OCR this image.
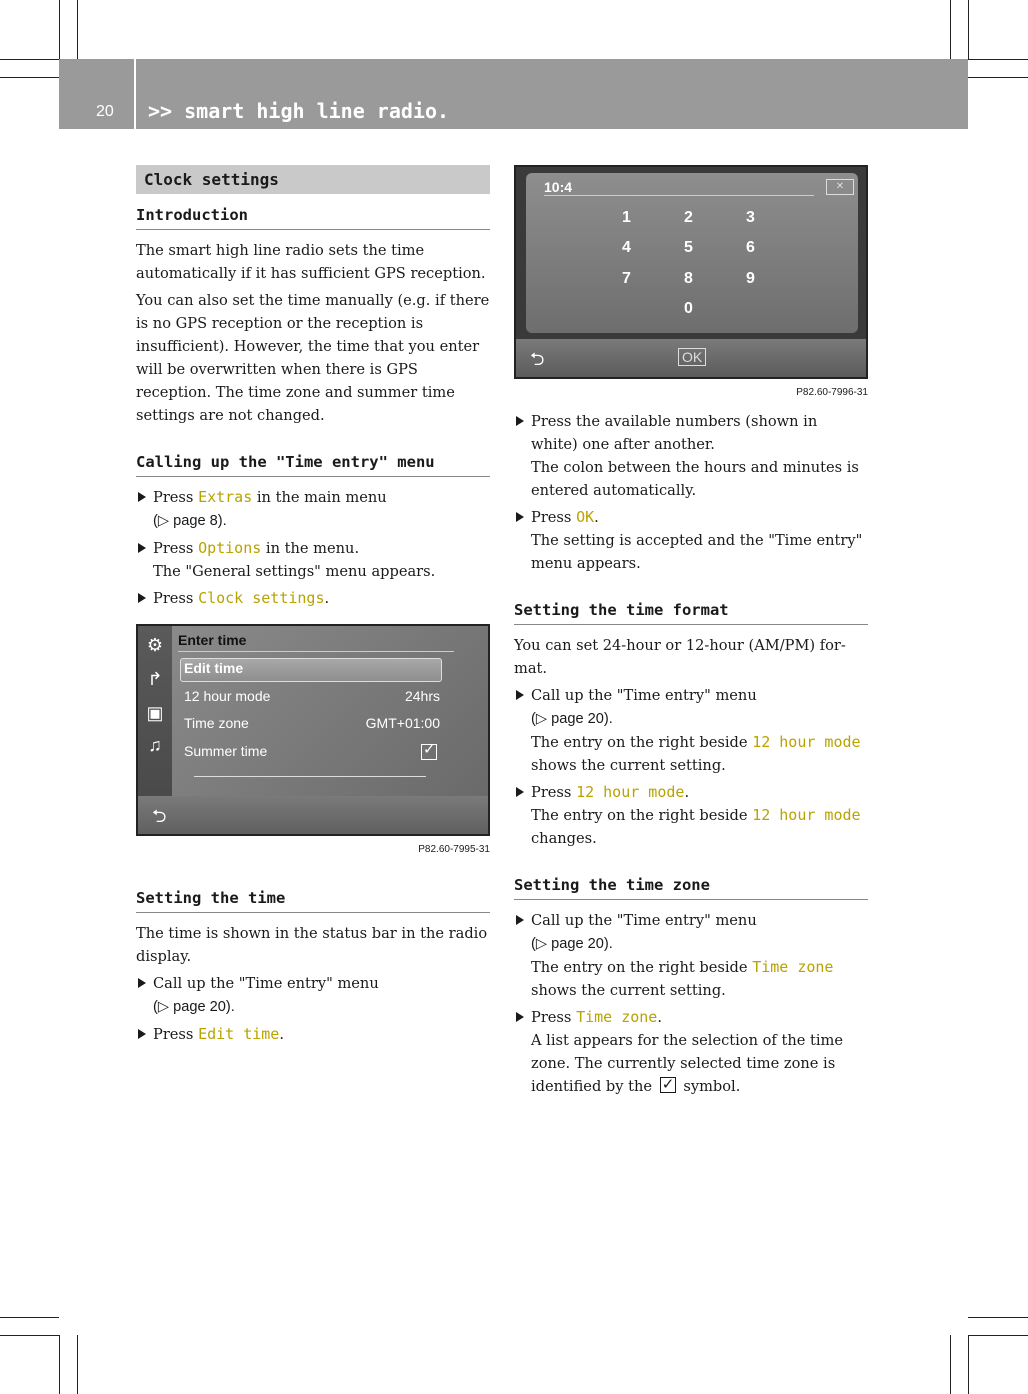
20 >> smart high line radio.
Clock settings
Introduction

The smart high line radio sets the time automatically if it has sufficient GPS reception.

You can also set the time manually (e.g. if there is no GPS reception or the reception is insufficient). However, the time that you enter will be overwritten when there is GPS reception. The time zone and summer time settings are not changed.

Calling up the "Time entry" menu
Press Extras in the main menu
(▷ page 8).
Press Options in the menu.
The "General settings" menu appears.
Press Clock settings.
⚙
↱
▣
♫
Enter time
Edit time
12 hour mode	24hrs
Time zone	GMT+01:00
Summer time
✓
⮌
P82.60-7995-31
Setting the time

The time is shown in the status bar in the radio display.

Call up the "Time entry" menu
(▷ page 20).
Press Edit time.
10:4	✕
1	2	3
4	5	6
7	8	9
0
⮌	OK
P82.60-7996-31
Press the available numbers (shown in white) one after another.
The colon between the hours and minutes is entered automatically.
Press OK.
The setting is accepted and the "Time entry" menu appears.
Setting the time format

You can set 24-hour or 12-hour (AM/PM) for-mat.

Call up the "Time entry" menu
(▷ page 20).
The entry on the right beside 12 hour mode shows the current setting.
Press 12 hour mode.
The entry on the right beside 12 hour mode changes.
Setting the time zone
Call up the "Time entry" menu
(▷ page 20).
The entry on the right beside Time zone shows the current setting.
Press Time zone.
A list appears for the selection of the time zone. The currently selected time zone is identified by the ✓ symbol.
